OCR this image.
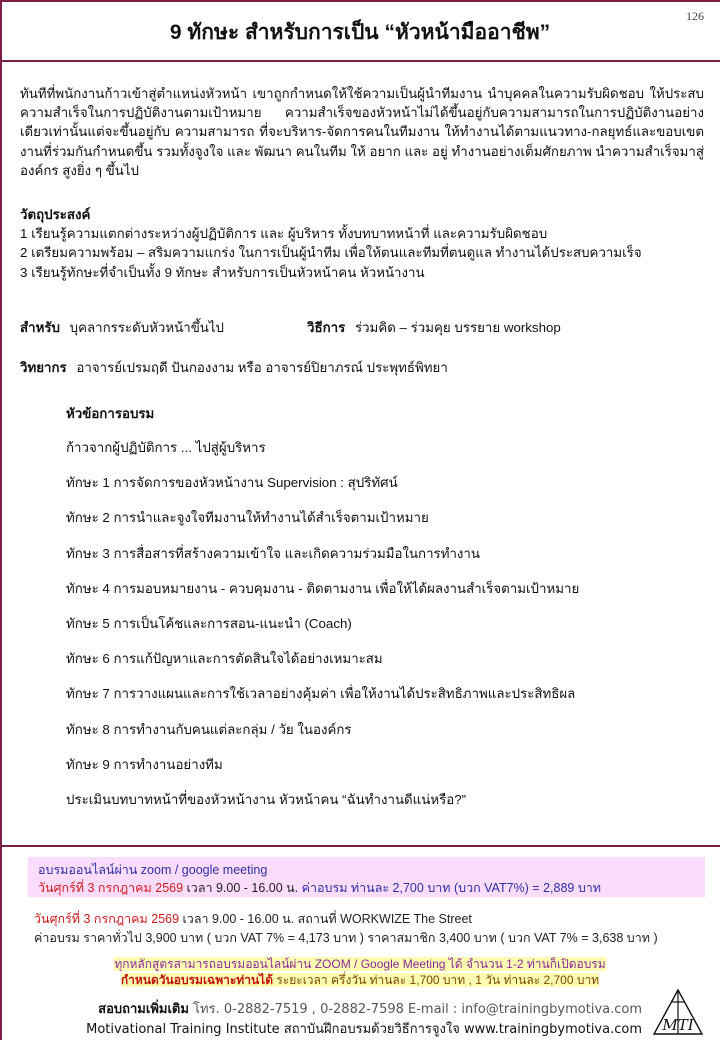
9 ทักษะ สำหรับการเป็น “หัวหน้ามืออาชีพ”
126
ทันทีที่พนักงานก้าวเข้าสู่ตำแหน่งหัวหน้า เขาถูกกำหนดให้ใช้ความเป็นผู้นำทีมงาน นำบุคคลในความรับผิดชอบ ให้ประสบความสำเร็จในการปฏิบัติงานตามเป้าหมาย ความสำเร็จของหัวหน้าไม่ได้ขึ้นอยู่กับความสามารถในการปฏิบัติงานอย่างเดียวเท่านั้นแต่จะขึ้นอยู่กับ ความสามารถ ที่จะบริหาร-จัดการคนในทีมงาน ให้ทำงานได้ตามแนวทาง-กลยุทธ์และขอบเขตงานที่ร่วมกันกำหนดขึ้น รวมทั้งจูงใจ และ พัฒนา คนในทีม ให้ อยาก และ อยู่ ทำงานอย่างเต็มศักยภาพ นำความสำเร็จมาสู่องค์กร สูงยิ่ง ๆ ขึ้นไป
วัตถุประสงค์
1 เรียนรู้ความแตกต่างระหว่างผู้ปฏิบัติการ และ ผู้บริหาร ทั้งบทบาทหน้าที่ และความรับผิดชอบ
2 เตรียมความพร้อม – สริมความแกร่ง ในการเป็นผู้นำทีม เพื่อให้ตนและทีมที่ตนดูแล ทำงานได้ประสบความเร็จ
3 เรียนรู้ทักษะที่จำเป็นทั้ง 9 ทักษะ สำหรับการเป็นหัวหน้าคน หัวหน้างาน
สำหรับ บุคลากรระดับหัวหน้าขึ้นไป	วิธีการ ร่วมคิด – ร่วมคุย บรรยาย workshop
วิทยากร อาจารย์เปรมฤดี ปันกองงาม หรือ อาจารย์ปิยาภรณ์ ประพุทธ์พิทยา
หัวข้อการอบรม
ก้าวจากผู้ปฏิบัติการ ... ไปสู่ผู้บริหาร
ทักษะ 1 การจัดการของหัวหน้างาน Supervision : สุปริทัศน์
ทักษะ 2 การนำและจูงใจทีมงานให้ทำงานได้สำเร็จตามเป้าหมาย
ทักษะ 3 การสื่อสารที่สร้างความเข้าใจ และเกิดความร่วมมือในการทำงาน
ทักษะ 4 การมอบหมายงาน - ควบคุมงาน - ติดตามงาน เพื่อให้ได้ผลงานสำเร็จตามเป้าหมาย
ทักษะ 5 การเป็นโค้ชและการสอน-แนะนำ (Coach)
ทักษะ 6 การแก้ปัญหาและการตัดสินใจได้อย่างเหมาะสม
ทักษะ 7 การวางแผนและการใช้เวลาอย่างคุ้มค่า เพื่อให้งานได้ประสิทธิภาพและประสิทธิผล
ทักษะ 8 การทำงานกับคนแต่ละกลุ่ม / วัย ในองค์กร
ทักษะ 9 การทำงานอย่างทีม
ประเมินบทบาทหน้าที่ของหัวหน้างาน หัวหน้าคน “ฉันทำงานดีแน่หรือ?”
อบรมออนไลน์ผ่าน zoom / google meeting
วันศุกร์ที่ 3 กรกฎาคม 2569 เวลา 9.00 - 16.00 น. ค่าอบรม ท่านละ 2,700 บาท (บวก VAT7%) = 2,889 บาท
วันศุกร์ที่ 3 กรกฎาคม 2569 เวลา 9.00 - 16.00 น. สถานที่ WORKWIZE The Street
ค่าอบรม ราคาทั่วไป 3,900 บาท ( บวก VAT 7% = 4,173 บาท ) ราคาสมาชิก 3,400 บาท ( บวก VAT 7% = 3,638 บาท )
ทุกหลักสูตรสามารถอบรมออนไลน์ผ่าน ZOOM / Google Meeting ได้ จำนวน 1-2 ท่านก็เปิดอบรม
กำหนดวันอบรมเฉพาะท่านได้ ระยะเวลา ครึ่งวัน ท่านละ 1,700 บาท , 1 วัน ท่านละ 2,700 บาท
สอบถามเพิ่มเติม โทร. 0-2882-7519 , 0-2882-7598 E-mail : info@trainingbymotiva.com
Motivational Training Institute สถาบันฝึกอบรมด้วยวิธีการจูงใจ www.trainingbymotiva.com MTI
